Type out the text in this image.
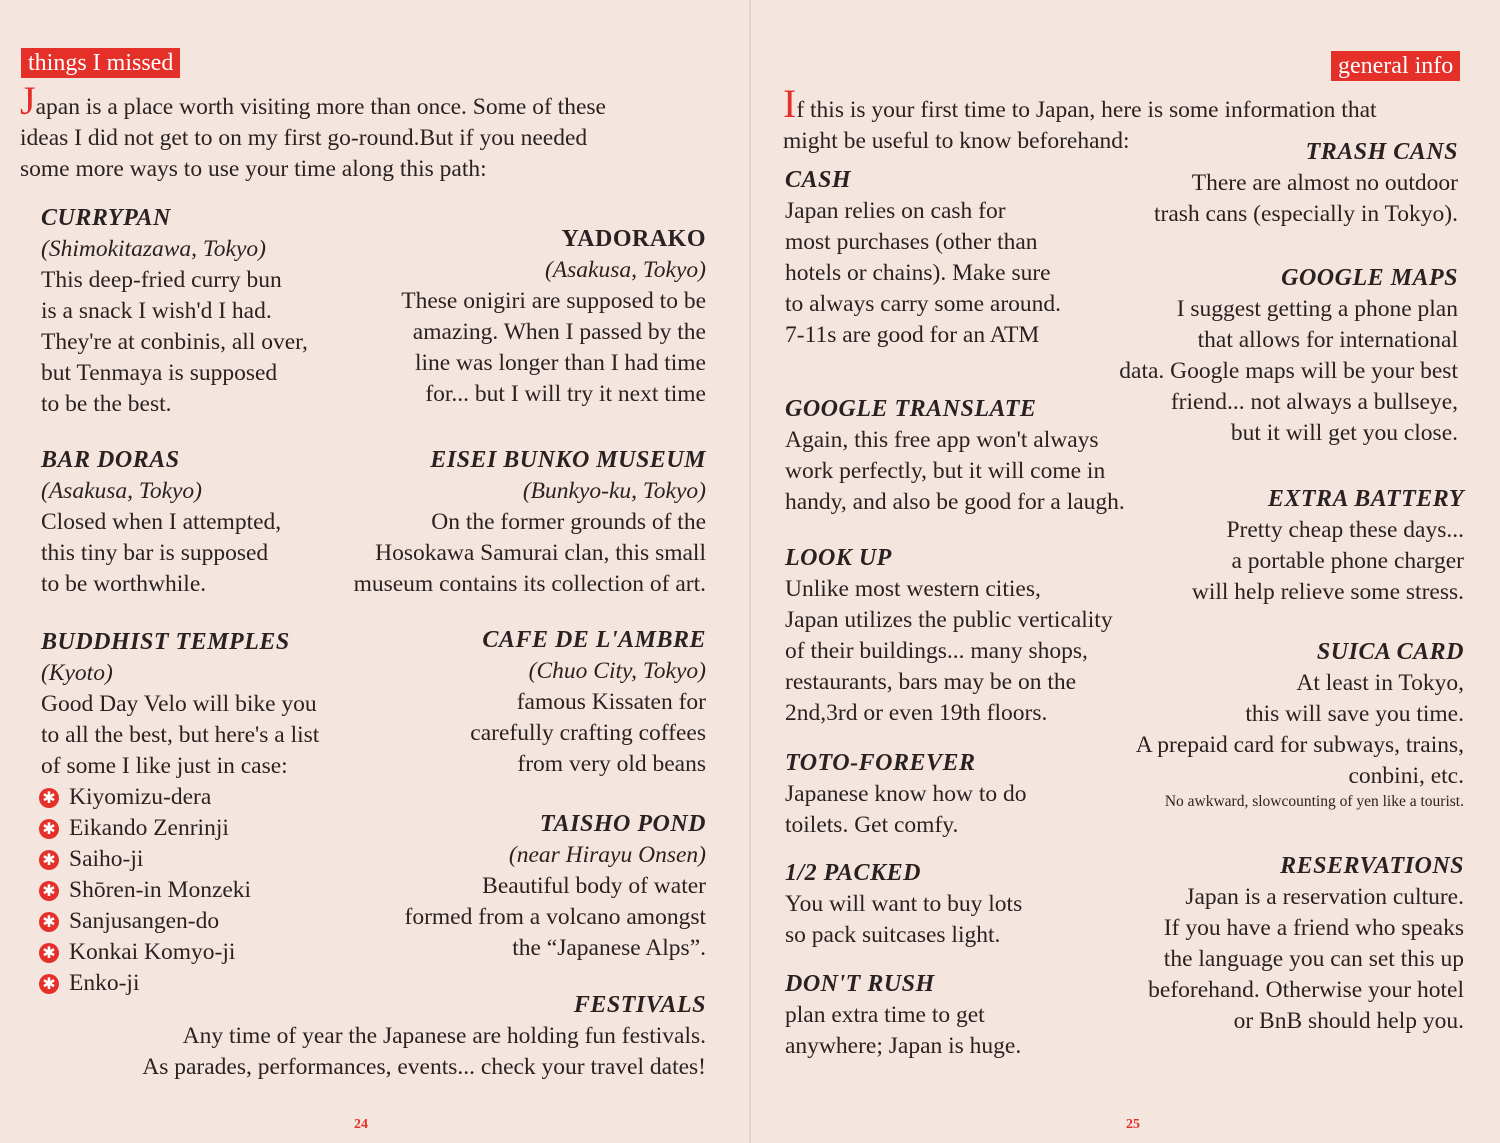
things I missed
Japan is a place worth visiting more than once. Some of these
ideas I did not get to on my first go-round.But if you needed
some more ways to use your time along this path:
CURRYPAN
(Shimokitazawa, Tokyo)
This deep-fried curry bun
is a snack I wish'd I had.
They're at conbinis, all over,
but Tenmaya is supposed
to be the best.
YADORAKO
(Asakusa, Tokyo)
These onigiri are supposed to be
amazing. When I passed by the
line was longer than I had time
for... but I will try it next time
BAR DORAS
(Asakusa, Tokyo)
Closed when I attempted,
this tiny bar is supposed
to be worthwhile.
EISEI BUNKO MUSEUM
(Bunkyo-ku, Tokyo)
On the former grounds of the
Hosokawa Samurai clan, this small
museum contains its collection of art.
BUDDHIST TEMPLES
(Kyoto)
Good Day Velo will bike you
to all the best, but here's a list
of some I like just in case:
✱ Kiyomizu-dera
✱ Eikando Zenrinji
✱ Saiho-ji
✱ Shōren-in Monzeki
✱ Sanjusangen-do
✱ Konkai Komyo-ji
✱ Enko-ji
CAFE DE L'AMBRE
(Chuo City, Tokyo)
famous Kissaten for
carefully crafting coffees
from very old beans
TAISHO POND
(near Hirayu Onsen)
Beautiful body of water
formed from a volcano amongst
the “Japanese Alps”.
FESTIVALS
Any time of year the Japanese are holding fun festivals.
As parades, performances, events... check your travel dates!
24
general info
If this is your first time to Japan, here is some information that
might be useful to know beforehand:
CASH
Japan relies on cash for
most purchases (other than
hotels or chains). Make sure
to always carry some around.
7-11s are good for an ATM
TRASH CANS
There are almost no outdoor
trash cans (especially in Tokyo).
GOOGLE MAPS
I suggest getting a phone plan
that allows for international
data. Google maps will be your best
friend... not always a bullseye,
but it will get you close.
GOOGLE TRANSLATE
Again, this free app won't always
work perfectly, but it will come in
handy, and also be good for a laugh.	EXTRA BATTERY
Pretty cheap these days...
a portable phone charger
will help relieve some stress.
LOOK UP
Unlike most western cities,
Japan utilizes the public verticality
of their buildings... many shops,
restaurants, bars may be on the
2nd,3rd or even 19th floors.
SUICA CARD
At least in Tokyo,
this will save you time.
A prepaid card for subways, trains,
conbini, etc.
No awkward, slowcounting of yen like a tourist.
TOTO-FOREVER
Japanese know how to do
toilets. Get comfy.
1/2 PACKED
You will want to buy lots
so pack suitcases light.
RESERVATIONS
Japan is a reservation culture.
If you have a friend who speaks
the language you can set this up
beforehand. Otherwise your hotel
or BnB should help you.
DON'T RUSH
plan extra time to get
anywhere; Japan is huge.
25
